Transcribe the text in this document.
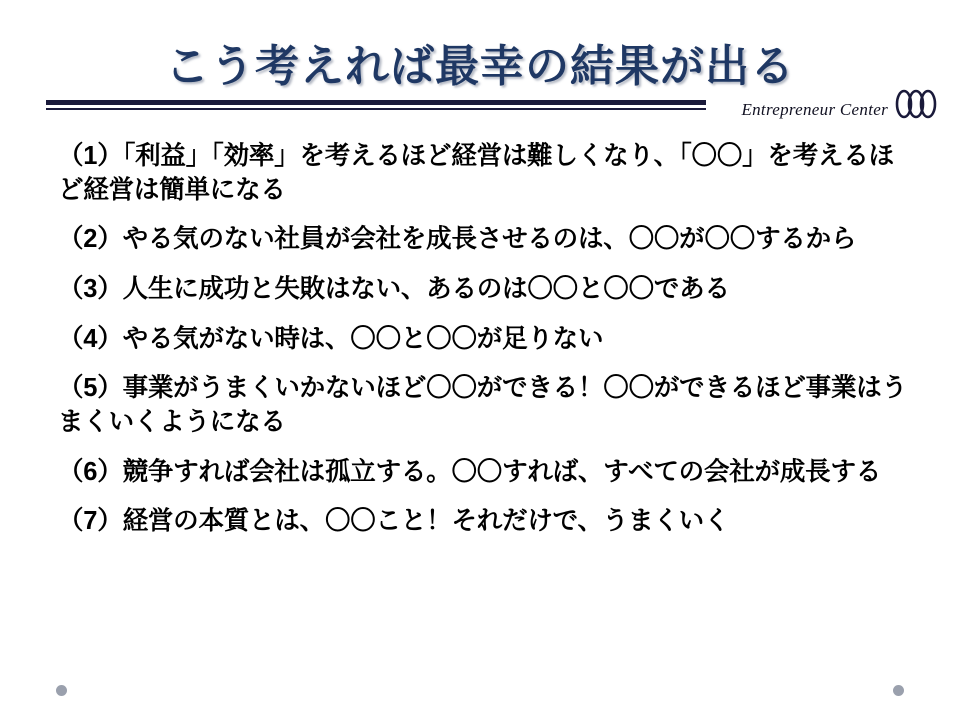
こう考えれば最幸の結果が出る
Entrepreneur Center
（1）「利益」「効率」を考えるほど経営は難しくなり、「〇〇」を考えるほど経営は簡単になる
（2）やる気のない社員が会社を成長させるのは、〇〇が〇〇するから
（3）人生に成功と失敗はない、あるのは〇〇と〇〇である
（4）やる気がない時は、〇〇と〇〇が足りない
（5）事業がうまくいかないほど〇〇ができる！〇〇ができるほど事業はうまくいくようになる
（6）競争すれば会社は孤立する。〇〇すれば、すべての会社が成長する
（7）経営の本質とは、〇〇こと！それだけで、うまくいく
